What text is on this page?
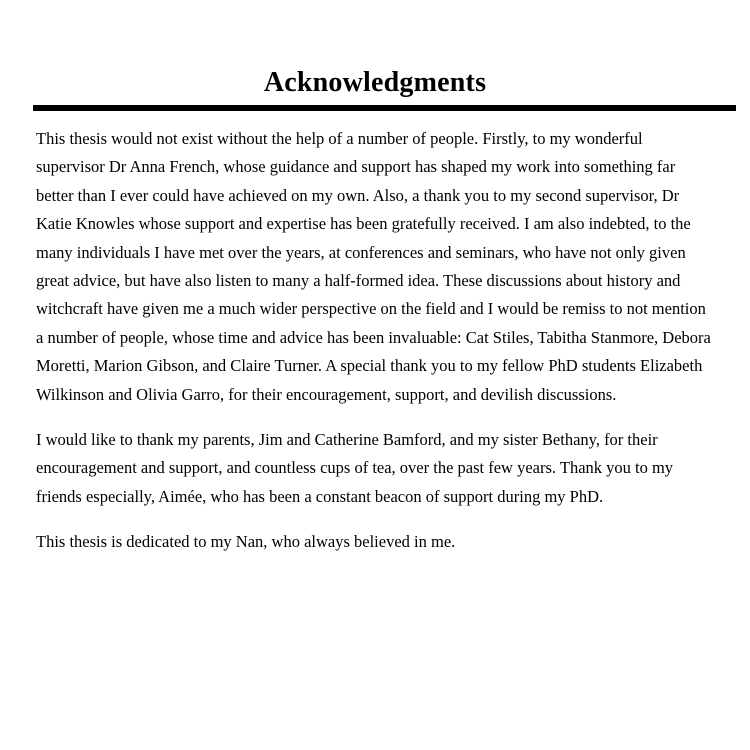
Acknowledgments
This thesis would not exist without the help of a number of people. Firstly, to my wonderful
supervisor Dr Anna French, whose guidance and support has shaped my work into something far
better than I ever could have achieved on my own. Also, a thank you to my second supervisor, Dr
Katie Knowles whose support and expertise has been gratefully received. I am also indebted, to the
many individuals I have met over the years, at conferences and seminars, who have not only given
great advice, but have also listen to many a half-formed idea. These discussions about history and
witchcraft have given me a much wider perspective on the field and I would be remiss to not mention
a number of people, whose time and advice has been invaluable: Cat Stiles, Tabitha Stanmore, Debora
Moretti, Marion Gibson, and Claire Turner. A special thank you to my fellow PhD students Elizabeth
Wilkinson and Olivia Garro, for their encouragement, support, and devilish discussions.
I would like to thank my parents, Jim and Catherine Bamford, and my sister Bethany, for their
encouragement and support, and countless cups of tea, over the past few years. Thank you to my
friends especially, Aimée, who has been a constant beacon of support during my PhD.
This thesis is dedicated to my Nan, who always believed in me.
